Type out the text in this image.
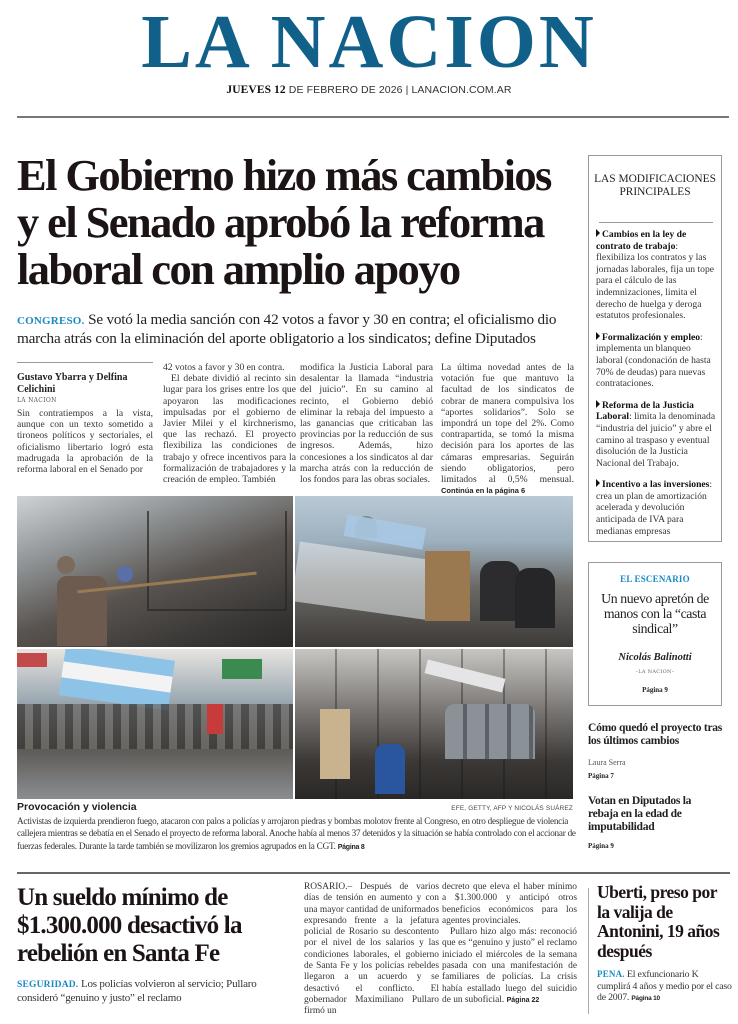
LA NACION
JUEVES 12 DE FEBRERO DE 2026 | LANACION.COM.AR
El Gobierno hizo más cambios y el Senado aprobó la reforma laboral con amplio apoyo

CONGRESO. Se votó la media sanción con 42 votos a favor y 30 en contra; el oficialismo dio marcha atrás con la eliminación del aporte obligatorio a los sindicatos; define Diputados

Gustavo Ybarra y Delfina Celichini
LA NACION

Sin contratiempos a la vista, aunque con un texto sometido a tironeos políticos y sectoriales, el oficialismo libertario logró esta madrugada la aprobación de la reforma laboral en el Senado por

42 votos a favor y 30 en contra.

El debate dividió al recinto sin lugar para los grises entre los que apoyaron las modificaciones impulsadas por el gobierno de Javier Milei y el kirchnerismo, que las rechazó. El proyecto flexibiliza las condiciones de trabajo y ofrece incentivos para la formalización de trabajadores y la creación de empleo. También

modifica la Justicia Laboral para desalentar la llamada “industria del juicio”. En su camino al recinto, el Gobierno debió eliminar la rebaja del impuesto a las ganancias que criticaban las provincias por la reducción de sus ingresos. Además, hizo concesiones a los sindicatos al dar marcha atrás con la reducción de los fondos para las obras sociales.

La última novedad antes de la votación fue que mantuvo la facultad de los sindicatos de cobrar de manera compulsiva los “aportes solidarios”. Solo se impondrá un tope del 2%. Como contrapartida, se tomó la misma decisión para los aportes de las cámaras empresarias. Seguirán siendo obligatorios, pero limitados al 0,5% mensual. Continúa en la página 6
Provocación y violencia	EFE, GETTY, AFP Y NICOLÁS SUÁREZ

Activistas de izquierda prendieron fuego, atacaron con palos a policías y arrojaron piedras y bombas molotov frente al Congreso, en otro despliegue de violencia callejera mientras se debatía en el Senado el proyecto de reforma laboral. Anoche había al menos 37 detenidos y la situación se había controlado con el accionar de fuerzas federales. Durante la tarde también se movilizaron los gremios agrupados en la CGT. Página 8

LAS MODIFICACIONES PRINCIPALES

Cambios en la ley de contrato de trabajo: flexibiliza los contratos y las jornadas laborales, fija un tope para el cálculo de las indemnizaciones, limita el derecho de huelga y deroga estatutos profesionales.

Formalización y empleo: implementa un blanqueo laboral (condonación de hasta 70% de deudas) para nuevas contrataciones.

Reforma de la Justicia Laboral: limita la denominada “industria del juicio” y abre el camino al traspaso y eventual disolución de la Justicia Nacional del Trabajo.

Incentivo a las inversiones: crea un plan de amortización acelerada y devolución anticipada de IVA para medianas empresas

EL ESCENARIO
Un nuevo apretón de manos con la “casta sindical”
Nicolás Balinotti
–LA NACION–
Página 9
Cómo quedó el proyecto tras los últimos cambios
Laura Serra
Página 7
Votan en Diputados la rebaja en la edad de imputabilidad
Página 9
Un sueldo mínimo de $1.300.000 desactivó la rebelión en Santa Fe

SEGURIDAD. Los policías volvieron al servicio; Pullaro consideró “genuino y justo” el reclamo

ROSARIO.– Después de varios días de tensión en aumento y con una mayor cantidad de uniformados expresando frente a la jefatura policial de Rosario su descontento por el nivel de los salarios y las condiciones laborales, el gobierno de Santa Fe y los policías rebeldes llegaron a un acuerdo y se desactivó el conflicto. El gobernador Maximiliano Pullaro firmó un

decreto que eleva el haber mínimo a $1.300.000 y anticipó otros beneficios económicos para los agentes provinciales.

Pullaro hizo algo más: reconoció que es “genuino y justo” el reclamo iniciado el miércoles de la semana pasada con una manifestación de familiares de policías. La crisis había estallado luego del suicidio de un suboficial. Página 22

Uberti, preso por la valija de Antonini, 19 años después

PENA. El exfuncionario K cumplirá 4 años y medio por el caso de 2007. Página 10
